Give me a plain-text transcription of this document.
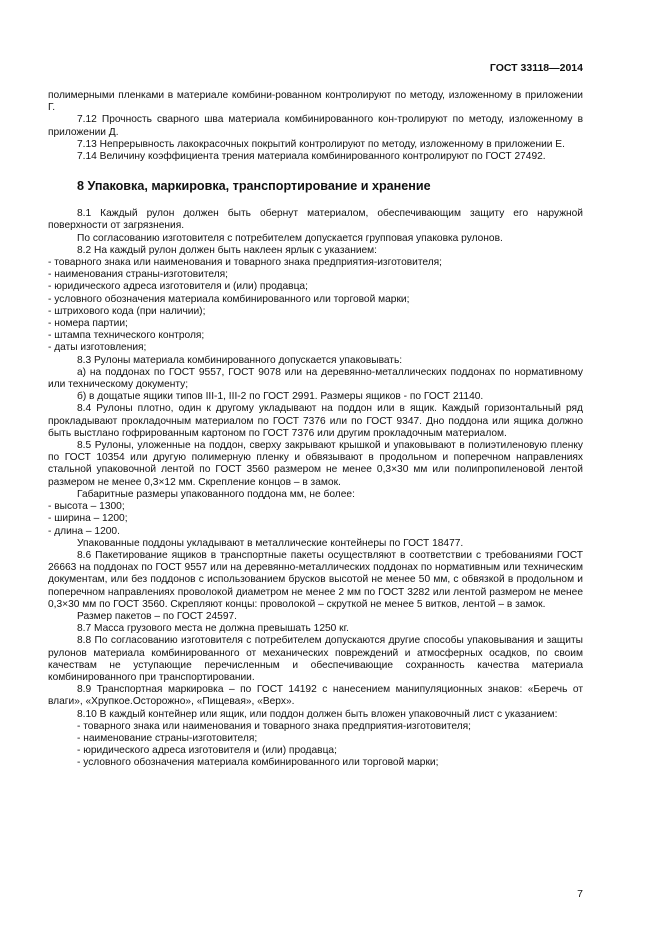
ГОСТ 33118—2014

полимерными пленками в материале комбини-рованном контролируют по методу, изложенному в приложении Г.

7.12 Прочность сварного шва материала комбинированного кон-тролируют по методу, изложенному в приложении Д.

7.13 Непрерывность лакокрасочных покрытий контролируют по методу, изложенному в приложении Е.

7.14 Величину коэффициента трения материала комбинированного контролируют по ГОСТ 27492.

8 Упаковка, маркировка, транспортирование и хранение

8.1 Каждый рулон должен быть обернут материалом, обеспечивающим защиту его наружной поверхности от загрязнения.

По согласованию изготовителя с потребителем допускается групповая упаковка рулонов.

8.2 На каждый рулон должен быть наклеен ярлык с указанием:

- товарного знака или наименования и товарного знака предприятия-изготовителя;

- наименования страны-изготовителя;

- юридического адреса изготовителя и (или) продавца;

- условного обозначения материала комбинированного или торговой марки;

- штрихового кода (при наличии);

- номера партии;

- штампа технического контроля;

- даты изготовления;

8.3 Рулоны материала комбинированного допускается упаковывать:

а) на поддонах по ГОСТ 9557, ГОСТ 9078 или на деревянно-металлических поддонах по нормативному или техническому документу;

б) в дощатые ящики типов III-1, III-2 по ГОСТ 2991. Размеры ящиков - по ГОСТ 21140.

8.4 Рулоны плотно, один к другому укладывают на поддон или в ящик. Каждый горизонтальный ряд прокладывают прокладочным материалом по ГОСТ 7376 или по ГОСТ 9347. Дно поддона или ящика должно быть выстлано гофрированным картоном по ГОСТ 7376 или другим прокладочным материалом.

8.5 Рулоны, уложенные на поддон, сверху закрывают крышкой и упаковывают в полиэтиленовую пленку по ГОСТ 10354 или другую полимерную пленку и обвязывают в продольном и поперечном направлениях стальной упаковочной лентой по ГОСТ 3560 размером не менее 0,3×30 мм или полипропиленовой лентой размером не менее 0,3×12 мм. Скрепление концов – в замок.

Габаритные размеры упакованного поддона мм, не более:

- высота – 1300;

- ширина – 1200;

- длина – 1200.

Упакованные поддоны укладывают в металлические контейнеры по ГОСТ 18477.

8.6 Пакетирование ящиков в транспортные пакеты осуществляют в соответствии с требованиями ГОСТ 26663 на поддонах по ГОСТ 9557 или на деревянно-металлических поддонах по нормативным или техническим документам, или без поддонов с использованием брусков высотой не менее 50 мм, с обвязкой в продольном и поперечном направлениях проволокой диаметром не менее 2 мм по ГОСТ 3282 или лентой размером не менее 0,3×30 мм по ГОСТ 3560. Скрепляют концы: проволокой – скруткой не менее 5 витков, лентой – в замок.

Размер пакетов – по ГОСТ 24597.

8.7 Масса грузового места не должна превышать 1250 кг.

8.8 По согласованию изготовителя с потребителем допускаются другие способы упаковывания и защиты рулонов материала комбинированного от механических повреждений и атмосферных осадков, по своим качествам не уступающие перечисленным и обеспечивающие сохранность качества материала комбинированного при транспортировании.

8.9 Транспортная маркировка – по ГОСТ 14192 с нанесением манипуляционных знаков: «Беречь от влаги», «Хрупкое.Осторожно», «Пищевая», «Верх».

8.10 В каждый контейнер или ящик, или поддон должен быть вложен упаковочный лист с указанием:

- товарного знака или наименования и товарного знака предприятия-изготовителя;

- наименование страны-изготовителя;

- юридического адреса изготовителя и (или) продавца;

- условного обозначения материала комбинированного или торговой марки;

7
